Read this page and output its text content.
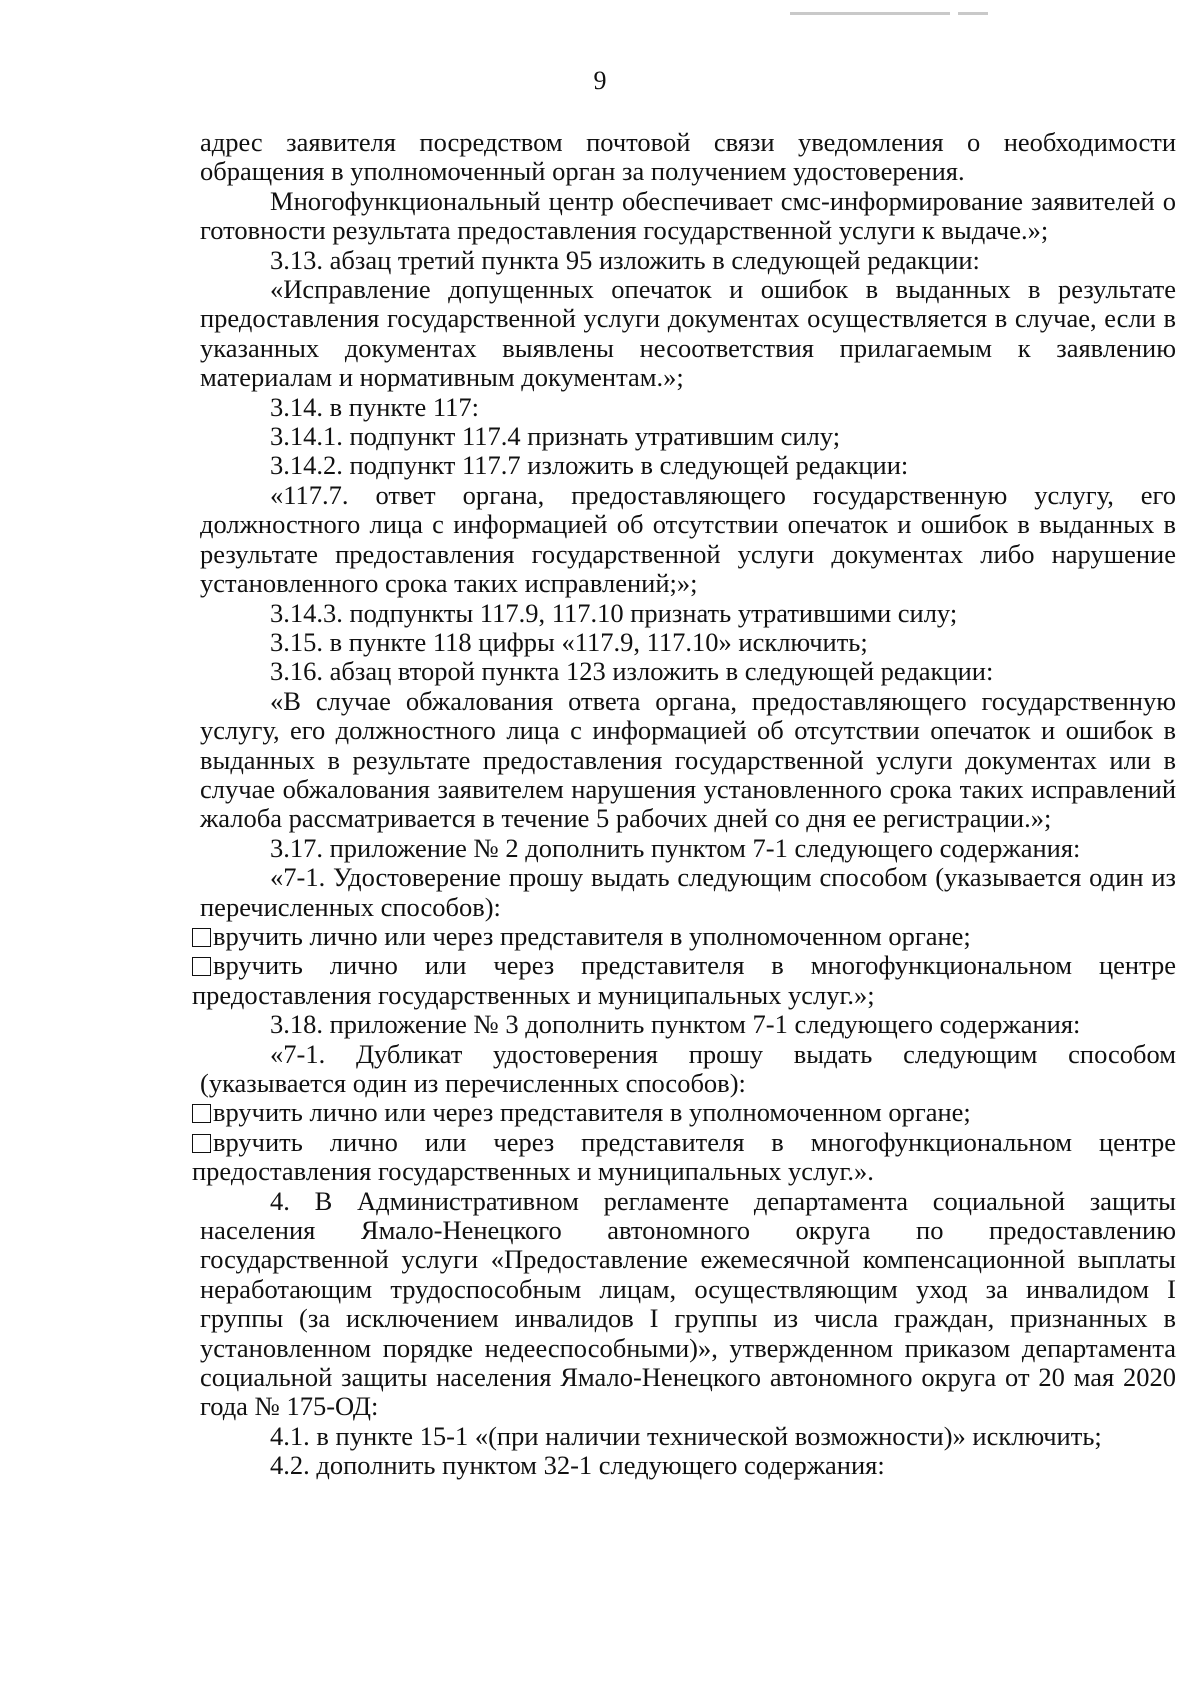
9

адрес заявителя посредством почтовой связи уведомления о необходимости обращения в уполномоченный орган за получением удостоверения.

Многофункциональный центр обеспечивает смс-информирование заявителей о готовности результата предоставления государственной услуги к выдаче.»;

3.13. абзац третий пункта 95 изложить в следующей редакции:

«Исправление допущенных опечаток и ошибок в выданных в результате предоставления государственной услуги документах осуществляется в случае, если в указанных документах выявлены несоответствия прилагаемым к заявлению материалам и нормативным документам.»;

3.14. в пункте 117:

3.14.1. подпункт 117.4 признать утратившим силу;

3.14.2. подпункт 117.7 изложить в следующей редакции:

«117.7. ответ органа, предоставляющего государственную услугу, его должностного лица с информацией об отсутствии опечаток и ошибок в выданных в результате предоставления государственной услуги документах либо нарушение установленного срока таких исправлений;»;

3.14.3. подпункты 117.9, 117.10 признать утратившими силу;

3.15. в пункте 118 цифры «117.9, 117.10» исключить;

3.16. абзац второй пункта 123 изложить в следующей редакции:

«В случае обжалования ответа органа, предоставляющего государственную услугу, его должностного лица с информацией об отсутствии опечаток и ошибок в выданных в результате предоставления государственной услуги документах или в случае обжалования заявителем нарушения установленного срока таких исправлений жалоба рассматривается в течение 5 рабочих дней со дня ее регистрации.»;

3.17. приложение № 2 дополнить пунктом 7-1 следующего содержания:

«7-1. Удостоверение прошу выдать следующим способом (указывается один из перечисленных способов):

вручить лично или через представителя в уполномоченном органе;

вручить лично или через представителя в многофункциональном центре предоставления государственных и муниципальных услуг.»;

3.18. приложение № 3 дополнить пунктом 7-1 следующего содержания:

«7-1. Дубликат удостоверения прошу выдать следующим способом (указывается один из перечисленных способов):

вручить лично или через представителя в уполномоченном органе;

вручить лично или через представителя в многофункциональном центре предоставления государственных и муниципальных услуг.».

4. В Административном регламенте департамента социальной защиты населения Ямало-Ненецкого автономного округа по предоставлению государственной услуги «Предоставление ежемесячной компенсационной выплаты неработающим трудоспособным лицам, осуществляющим уход за инвалидом I группы (за исключением инвалидов I группы из числа граждан, признанных в установленном порядке недееспособными)», утвержденном приказом департамента социальной защиты населения Ямало-Ненецкого автономного округа от 20 мая 2020 года № 175-ОД:

4.1. в пункте 15-1 «(при наличии технической возможности)» исключить;

4.2. дополнить пунктом 32-1 следующего содержания:
